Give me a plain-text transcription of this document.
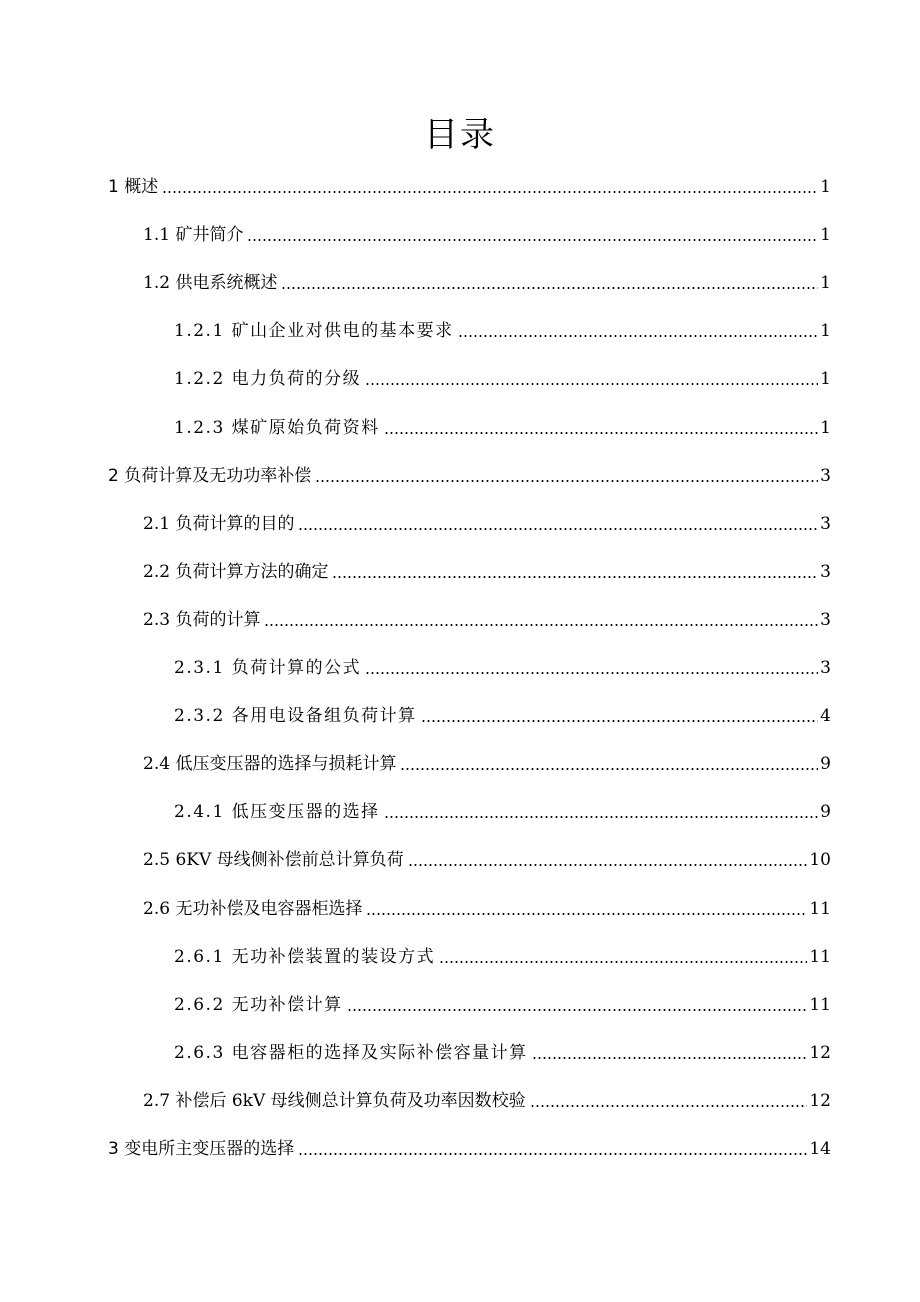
目录
1 概述	1
1.1 矿井简介	1
1.2 供电系统概述	1
1.2.1 矿山企业对供电的基本要求	1
1.2.2 电力负荷的分级	1
1.2.3 煤矿原始负荷资料	1
2 负荷计算及无功功率补偿	3
2.1 负荷计算的目的	3
2.2 负荷计算方法的确定	3
2.3 负荷的计算	3
2.3.1 负荷计算的公式	3
2.3.2 各用电设备组负荷计算	4
2.4 低压变压器的选择与损耗计算	9
2.4.1 低压变压器的选择	9
2.5 6KV 母线侧补偿前总计算负荷	10
2.6 无功补偿及电容器柜选择	11
2.6.1 无功补偿装置的装设方式	11
2.6.2 无功补偿计算	11
2.6.3 电容器柜的选择及实际补偿容量计算	12
2.7 补偿后 6kV 母线侧总计算负荷及功率因数校验	12
3 变电所主变压器的选择	14
